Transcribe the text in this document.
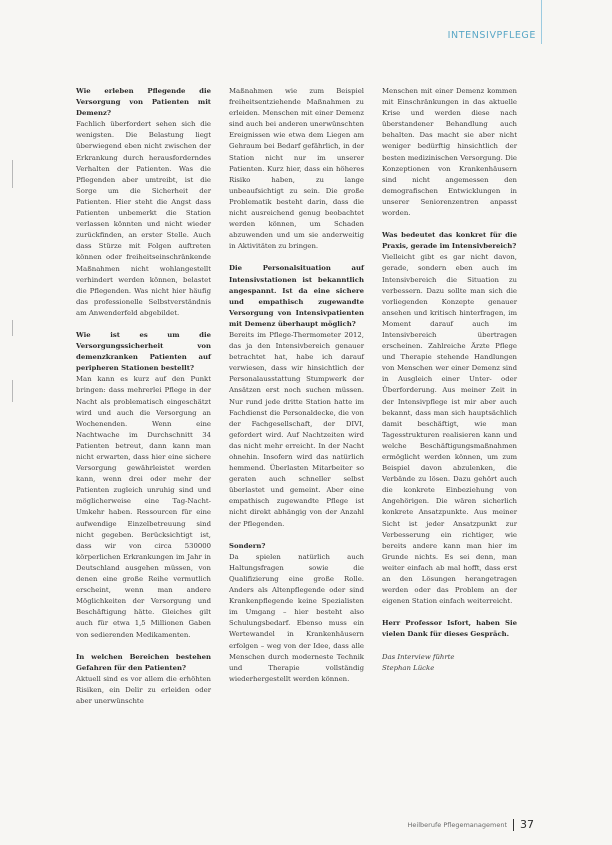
INTENSIVPFLEGE

Wie erleben Pflegende die Versorgung von Patienten mit Demenz?

Fachlich überfordert sehen sich die wenigsten. Die Belastung liegt überwiegend eben nicht zwischen der Erkrankung durch herausforderndes Verhalten der Patienten. Was die Pflegenden aber umtreibt, ist die Sorge um die Sicherheit der Patienten. Hier steht die Angst dass Patienten unbemerkt die Station verlassen könnten und nicht wieder zurückfinden, an erster Stelle. Auch dass Stürze mit Folgen auftreten können oder freiheitseinschränkende Maßnahmen nicht wohlangestellt verhindert werden können, belastet die Pflegenden. Was nicht hier häufig das professionelle Selbstverständnis am Anwenderfeld abgebildet.

Wie ist es um die Versorgungssicherheit von demenzkranken Patienten auf peripheren Stationen bestellt?

Man kann es kurz auf den Punkt bringen: dass mehrerlei Pflege in der Nacht als problematisch eingeschätzt wird und auch die Versorgung an Wochenenden. Wenn eine Nachtwache im Durchschnitt 34 Patienten betreut, dann kann man nicht erwarten, dass hier eine sichere Versorgung gewährleistet werden kann, wenn drei oder mehr der Patienten zugleich unruhig sind und möglicherweise eine Tag-Nacht-Umkehr haben. Ressourcen für eine aufwendige Einzelbetreuung sind nicht gegeben. Berücksichtigt ist, dass wir von circa 530000 körperlichen Erkrankungen im Jahr in Deutschland ausgehen müssen, von denen eine große Reihe vermutlich erscheint, wenn man andere Möglichkeiten der Versorgung und Beschäftigung hätte. Gleiches gilt auch für etwa 1,5 Millionen Gaben von sedierenden Medikamenten.

In welchen Bereichen bestehen Gefahren für den Patienten?

Aktuell sind es vor allem die erhöhten Risiken, ein Delir zu erleiden oder aber unerwünschte

Maßnahmen wie zum Beispiel freiheitsentziehende Maßnahmen zu erleiden. Menschen mit einer Demenz sind auch bei anderen unerwünschten Ereignissen wie etwa dem Liegen am Gehraum bei Bedarf gefährlich, in der Station nicht nur im unserer Patienten. Kurz hier, dass ein höheres Risiko haben, zu lange unbeaufsichtigt zu sein. Die große Problematik besteht darin, dass die nicht ausreichend genug beobachtet werden können, um Schaden abzuwenden und um sie anderweitig in Aktivitäten zu bringen.

Die Personalsituation auf Intensivstationen ist bekanntlich angespannt. Ist da eine sichere und empathisch zugewandte Versorgung von Intensivpatienten mit Demenz überhaupt möglich?

Bereits im Pflege-Thermometer 2012, das ja den Intensivbereich genauer betrachtet hat, habe ich darauf verwiesen, dass wir hinsichtlich der Personalausstattung Stumpwerk der Ansätzen erst noch suchen müssen. Nur rund jede dritte Station hatte im Fachdienst die Personaldecke, die von der Fachgesellschaft, der DIVI, gefordert wird. Auf Nachtzeiten wird das nicht mehr erreicht. In der Nacht ohnehin. Insofern wird das natürlich hemmend. Überlasten Mitarbeiter so geraten auch schneller selbst überlastet und gemeint. Aber eine empathisch zugewandte Pflege ist nicht direkt abhängig von der Anzahl der Pflegenden.

Sondern?

Da spielen natürlich auch Haltungsfragen sowie die Qualifizierung eine große Rolle. Anders als Altenpflegende oder sind Krankenpflegende keine Spezialisten im Umgang – hier besteht also Schulungsbedarf. Ebenso muss ein Wertewandel in Krankenhäusern erfolgen – weg von der Idee, dass alle Menschen durch moderneste Technik und Therapie vollständig wiederhergestellt werden können.

Menschen mit einer Demenz kommen mit Einschränkungen in das aktuelle Krise und werden diese nach überstandener Behandlung auch behalten. Das macht sie aber nicht weniger bedürftig hinsichtlich der besten medizinischen Versorgung. Die Konzeptionen von Krankenhäusern sind nicht angemessen den demografischen Entwicklungen in unserer Seniorenzentren anpasst worden.

Was bedeutet das konkret für die Praxis, gerade im Intensivbereich?

Vielleicht gibt es gar nicht davon, gerade, sondern eben auch im Intensivbereich die Situation zu verbessern. Dazu sollte man sich die vorliegenden Konzepte genauer ansehen und kritisch hinterfragen, im Moment darauf auch im Intensivbereich übertragen erscheinen. Zahlreiche Ärzte Pflege und Therapie stehende Handlungen von Menschen wer einer Demenz sind in Ausgleich einer Unter- oder Überforderung. Aus meiner Zeit in der Intensivpflege ist mir aber auch bekannt, dass man sich hauptsächlich damit beschäftigt, wie man Tagesstrukturen realisieren kann und welche Beschäftigungsmaßnahmen ermöglicht werden können, um zum Beispiel davon abzulenken, die Verbände zu lösen. Dazu gehört auch die konkrete Einbeziehung von Angehörigen. Die wären sicherlich konkrete Ansatzpunkte. Aus meiner Sicht ist jeder Ansatzpunkt zur Verbesserung ein richtiger, wie bereits andere kann man hier im Grunde nichts. Es sei denn, man weiter einfach ab mal hofft, dass erst an den Lösungen herangetragen werden oder das Problem an der eigenen Station einfach weiterreicht.

Herr Professor Isfort, haben Sie vielen Dank für dieses Gespräch.

Das Interview führte

Stephan Lücke

Heilberufe Pflegemanagement 37
